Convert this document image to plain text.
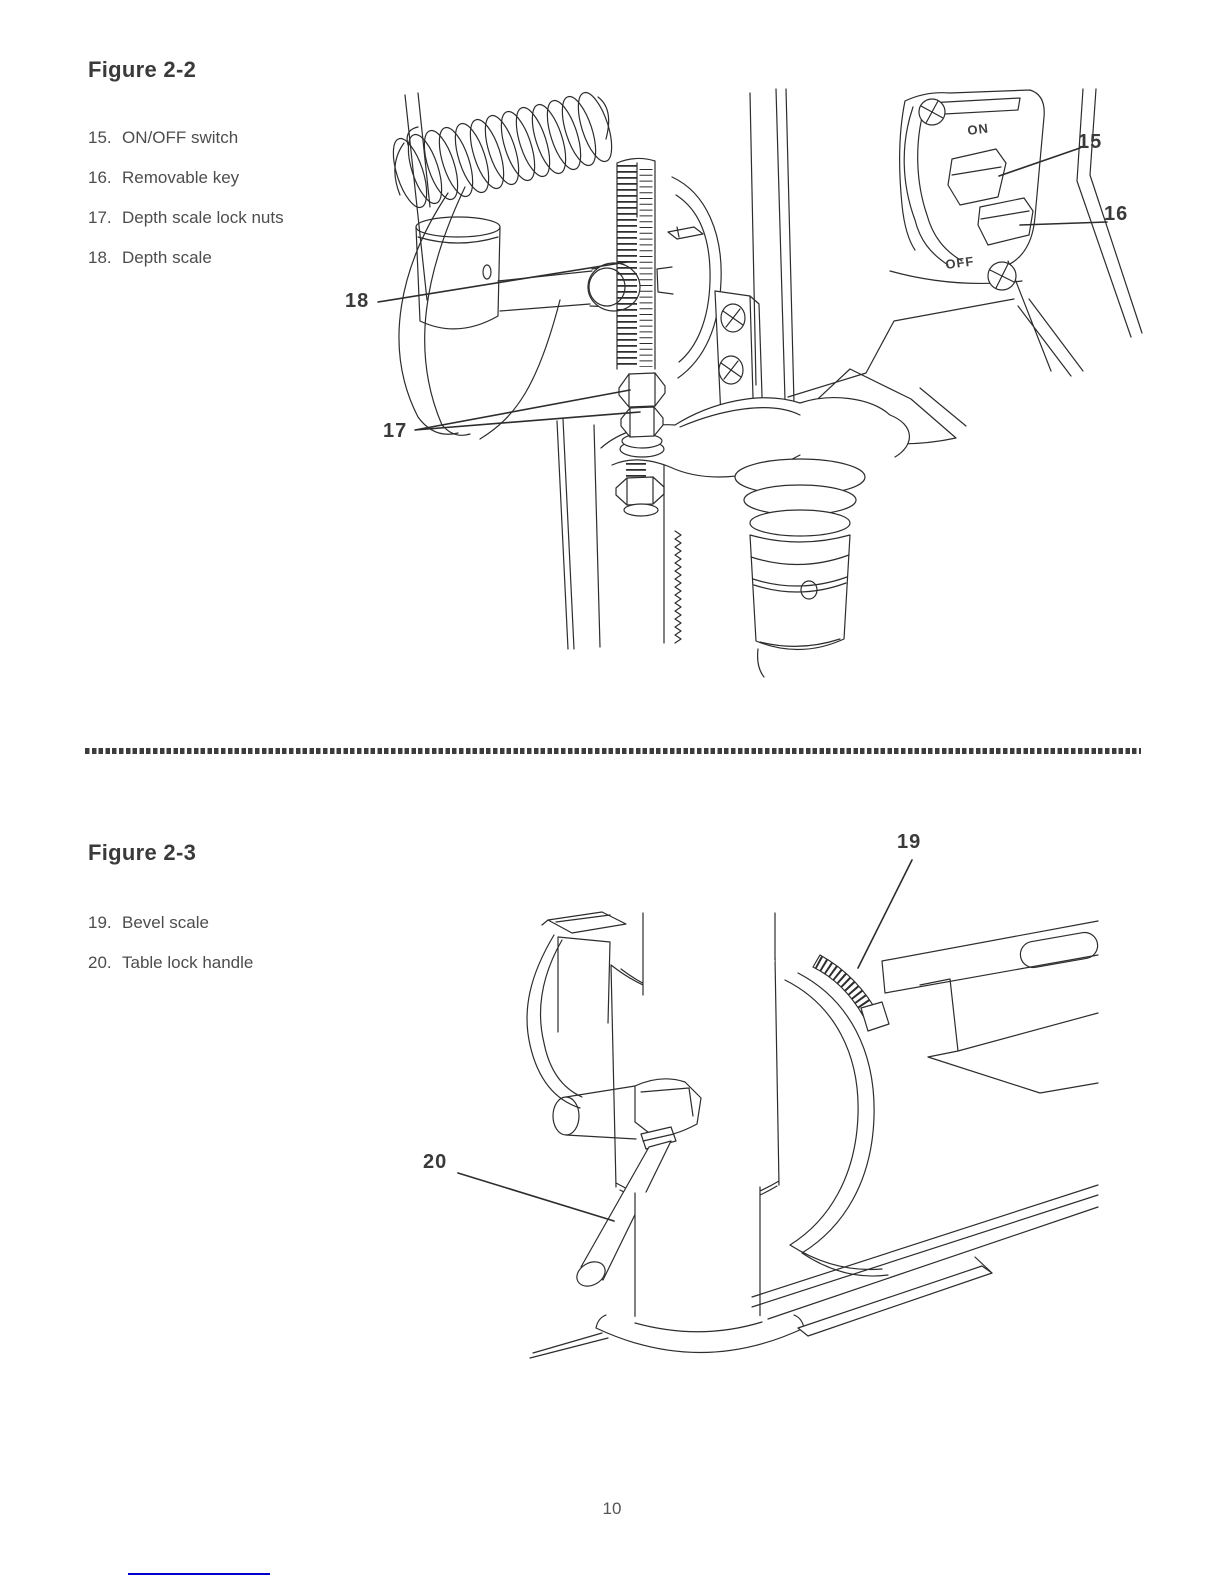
Figure 2-2
15. ON/OFF switch
16. Removable key
17. Depth scale lock nuts
18. Depth scale
ON
OFF
15
16
17
18
Figure 2-3
19. Bevel scale
20. Table lock handle
19
20
10
